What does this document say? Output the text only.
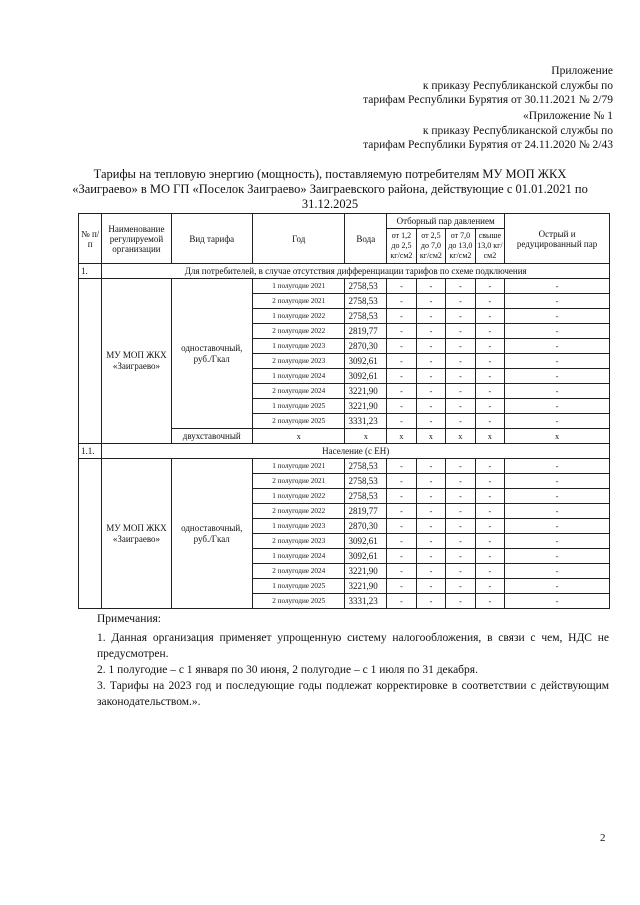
Приложение
к приказу Республиканской службы по
тарифам Республики Бурятия от 30.11.2021 № 2/79
«Приложение № 1
к приказу Республиканской службы по
тарифам Республики Бурятия от 24.11.2020 № 2/43
Тарифы на тепловую энергию (мощность), поставляемую потребителям МУ МОП ЖКХ «Заиграево» в МО ГП «Поселок Заиграево» Заиграевского района, действующие с 01.01.2021 по 31.12.2025
№ п/п	Наименование регулируемой организации	Вид тарифа	Год	Вода	Отборный пар давлением				Острый и редуцированный пар
					от 1,2 до 2,5 кг/см2	от 2,5 до 7,0 кг/см2	от 7,0 до 13,0 кг/см2	свыше 13,0 кг/см2	
1.	Для потребителей, в случае отсутствия дифференциации тарифов по схеме подключения								
	МУ МОП ЖКХ «Заиграево»	одноставочный, руб./Гкал	1 полугодие 2021	2758,53	-	-	-	-	-
			2 полугодие 2021	2758,53	-	-	-	-	-
			1 полугодие 2022	2758,53	-	-	-	-	-
			2 полугодие 2022	2819,77	-	-	-	-	-
			1 полугодие 2023	2870,30	-	-	-	-	-
			2 полугодие 2023	3092,61	-	-	-	-	-
			1 полугодие 2024	3092,61	-	-	-	-	-
			2 полугодие 2024	3221,90	-	-	-	-	-
			1 полугодие 2025	3221,90	-	-	-	-	-
			2 полугодие 2025	3331,23	-	-	-	-	-
		двухставочный	х	х	х	х	х	х	х
1.1.	Население (с ЕН)								
	МУ МОП ЖКХ «Заиграево»	одноставочный, руб./Гкал	1 полугодие 2021	2758,53	-	-	-	-	-
			2 полугодие 2021	2758,53	-	-	-	-	-
			1 полугодие 2022	2758,53	-	-	-	-	-
			2 полугодие 2022	2819,77	-	-	-	-	-
			1 полугодие 2023	2870,30	-	-	-	-	-
			2 полугодие 2023	3092,61	-	-	-	-	-
			1 полугодие 2024	3092,61	-	-	-	-	-
			2 полугодие 2024	3221,90	-	-	-	-	-
			1 полугодие 2025	3221,90	-	-	-	-	-
			2 полугодие 2025	3331,23	-	-	-	-	-

Примечания:

1. Данная организация применяет упрощенную систему налогообложения, в связи с чем, НДС не предусмотрен.

2. 1 полугодие – с 1 января по 30 июня, 2 полугодие – с 1 июля по 31 декабря.

3. Тарифы на 2023 год и последующие годы подлежат корректировке в соответствии с действующим законодательством.».

2
